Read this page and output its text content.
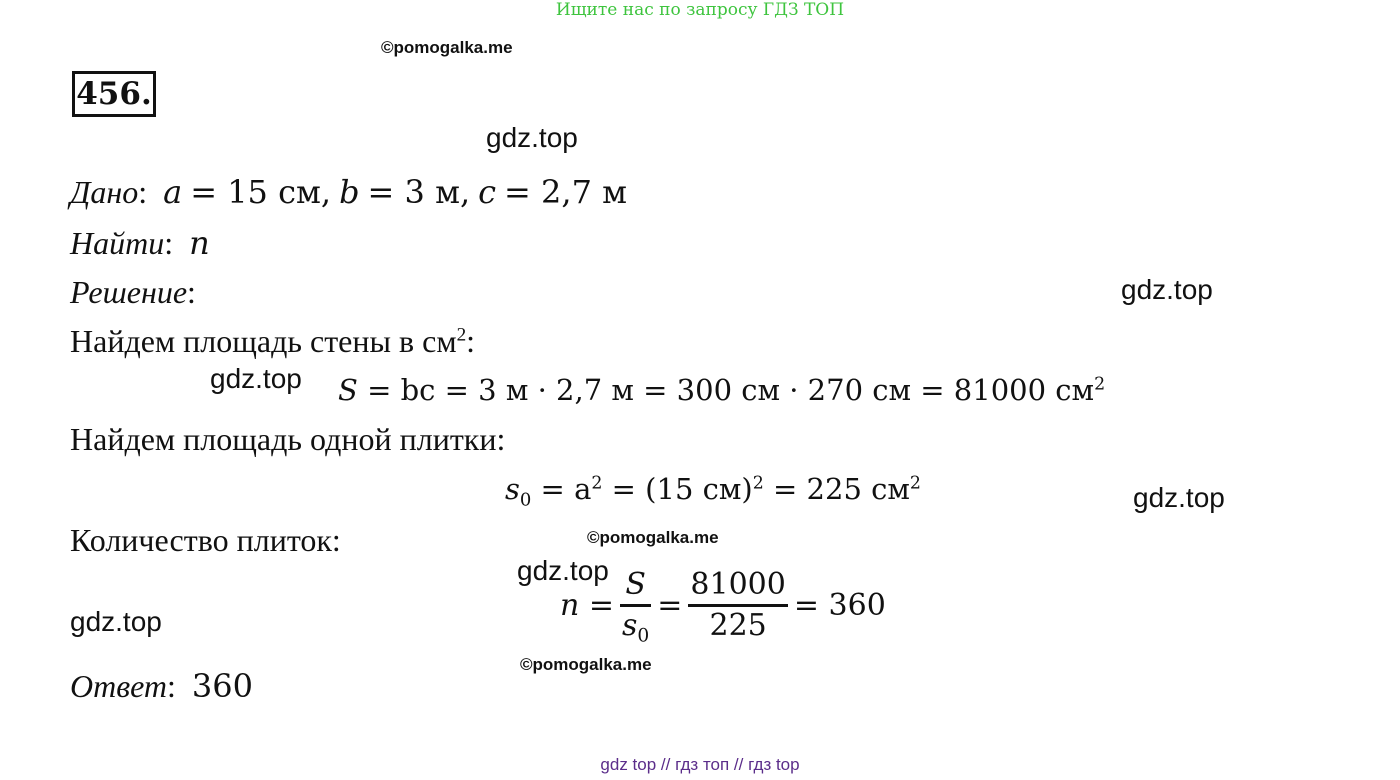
Ищите нас по запросу ГДЗ ТОП
©pomogalka.me
456.
gdz.top
Дано:  a = 15 см, b = 3 м, c = 2,7 м
Найти:  n
Решение:	gdz.top
Найдем площадь стены в $см^2$:
gdz.top S = bc = 3 м · 2,7 м = 300 см · 270 см = 81000 $см^2$
Найдем площадь одной плитки:
$s_0 = a^2 = (15$ см)$^2$ = 225 $см^2$	gdz.top
Количество плиток:	©pomogalka.me
gdz.top
$n = \frac{S}{s_0} = \frac{81000}{225} = 360$
gdz.top
©pomogalka.me
Ответ:  360
gdz top // гдз топ // гдз top
